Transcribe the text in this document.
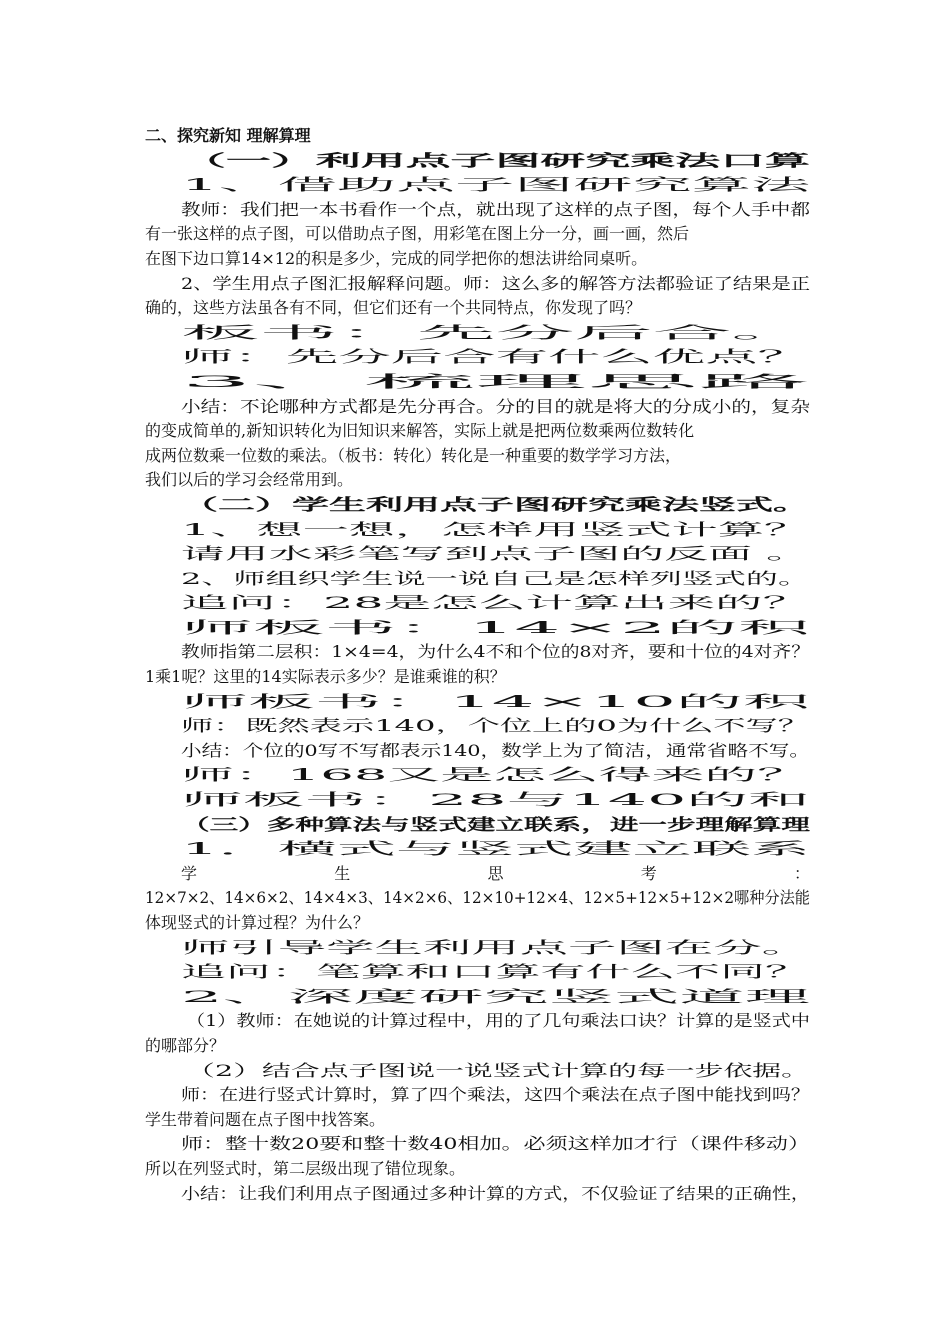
二、探究新知 理解算理
（一）利用点子图研究乘法口算
1、借助点子图研究算法
教师：我们把一本书看作一个点，就出现了这样的点子图，每个人手中都
有一张这样的点子图，可以借助点子图，用彩笔在图上分一分，画一画，然后
在图下边口算14×12的积是多少，完成的同学把你的想法讲给同桌听。
2、学生用点子图汇报解释问题。师：这么多的解答方法都验证了结果是正
确的，这些方法虽各有不同，但它们还有一个共同特点，你发现了吗？
板书：先分后合。
师：先分后合有什么优点？
3、梳理思路
小结：不论哪种方式都是先分再合。分的目的就是将大的分成小的，复杂
的变成简单的,新知识转化为旧知识来解答，实际上就是把两位数乘两位数转化
成两位数乘一位数的乘法。（板书：转化）转化是一种重要的数学学习方法，
我们以后的学习会经常用到。
（二）学生利用点子图研究乘法竖式。
1、想一想，怎样用竖式计算？
请用水彩笔写到点子图的反面 。
2、师组织学生说一说自己是怎样列竖式的。
追问：28是怎么计算出来的？
师板书：14×2的积
教师指第二层积：1×4=4，为什么4不和个位的8对齐，要和十位的4对齐？
1乘1呢？这里的14实际表示多少？是谁乘谁的积？
师板书：14×10的积
师：既然表示140，个位上的0为什么不写？
小结：个位的0写不写都表示140，数学上为了简洁，通常省略不写。
师：168又是怎么得来的？
师板书：28与140的和
（三）多种算法与竖式建立联系，进一步理解算理
1．横式与竖式建立联系
学	生	思	考	：
12×7×2、14×6×2、14×4×3、14×2×6、12×10+12×4、12×5+12×5+12×2哪种分法能
体现竖式的计算过程？为什么？
师引导学生利用点子图在分。
追问：笔算和口算有什么不同？
2、深度研究竖式道理
（1）教师：在她说的计算过程中，用的了几句乘法口诀？计算的是竖式中
的哪部分？
（2）结合点子图说一说竖式计算的每一步依据。
师：在进行竖式计算时，算了四个乘法，这四个乘法在点子图中能找到吗？
学生带着问题在点子图中找答案。
师：整十数20要和整十数40相加。必须这样加才行（课件移动）
所以在列竖式时，第二层级出现了错位现象。
小结：让我们利用点子图通过多种计算的方式，不仅验证了结果的正确性，
